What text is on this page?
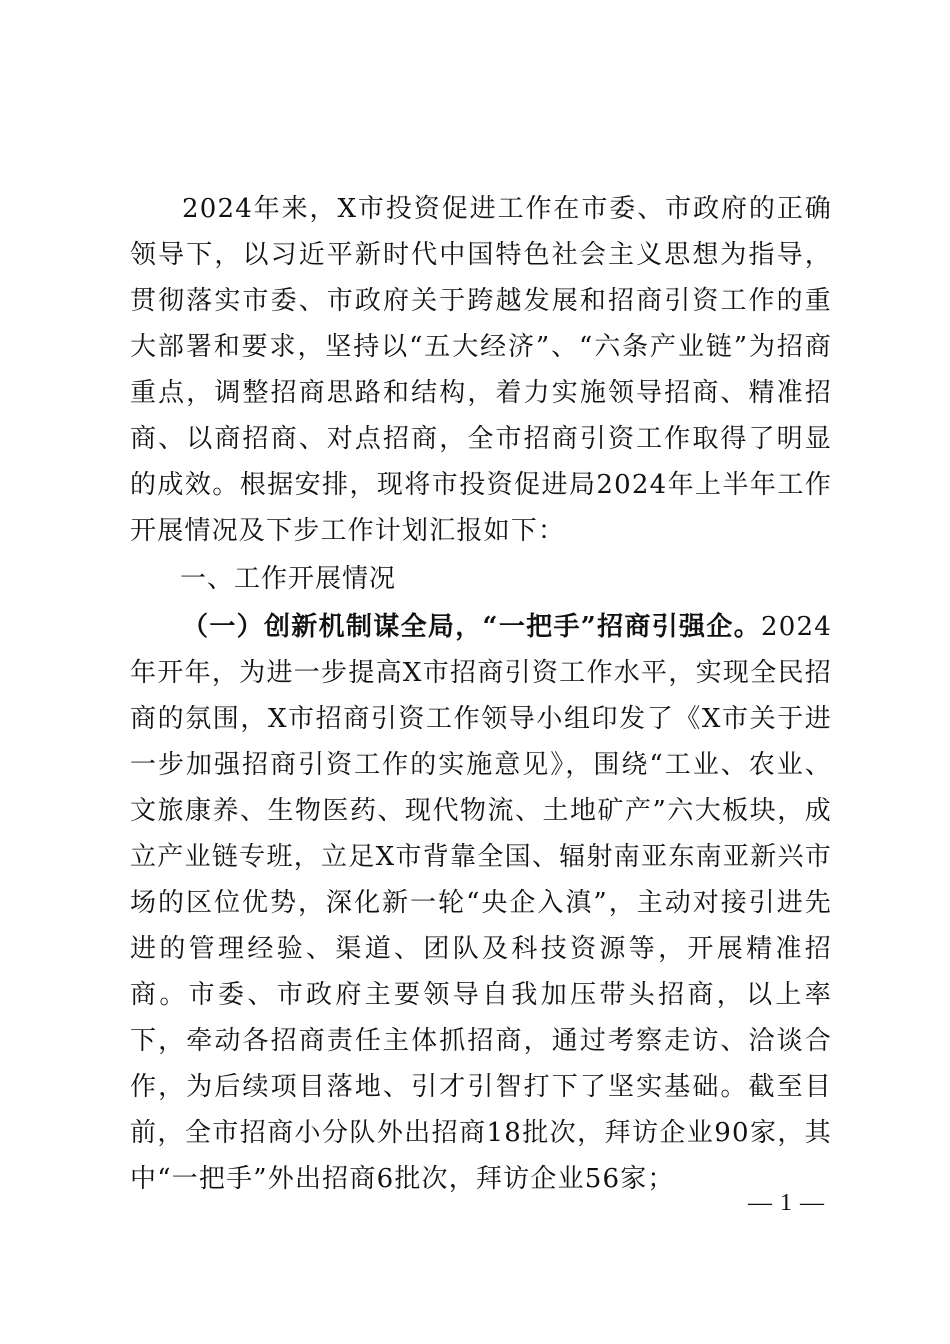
2024年来，X市投资促进工作在市委、市政府的正确领导下，以习近平新时代中国特色社会主义思想为指导，贯彻落实市委、市政府关于跨越发展和招商引资工作的重大部署和要求，坚持以“五大经济”、“六条产业链”为招商重点，调整招商思路和结构，着力实施领导招商、精准招商、以商招商、对点招商，全市招商引资工作取得了明显的成效。根据安排，现将市投资促进局2024年上半年工作开展情况及下步工作计划汇报如下：

一、工作开展情况

（一）创新机制谋全局，“一把手”招商引强企。2024年开年，为进一步提高X市招商引资工作水平，实现全民招商的氛围，X市招商引资工作领导小组印发了《X市关于进一步加强招商引资工作的实施意见》，围绕“工业、农业、文旅康养、生物医药、现代物流、土地矿产”六大板块，成立产业链专班，立足X市背靠全国、辐射南亚东南亚新兴市场的区位优势，深化新一轮“央企入滇”，主动对接引进先进的管理经验、渠道、团队及科技资源等，开展精准招商。市委、市政府主要领导自我加压带头招商，以上率下，牵动各招商责任主体抓招商，通过考察走访、洽谈合作，为后续项目落地、引才引智打下了坚实基础。截至目前，全市招商小分队外出招商18批次，拜访企业90家，其中“一把手”外出招商6批次，拜访企业56家；

— 1 —
